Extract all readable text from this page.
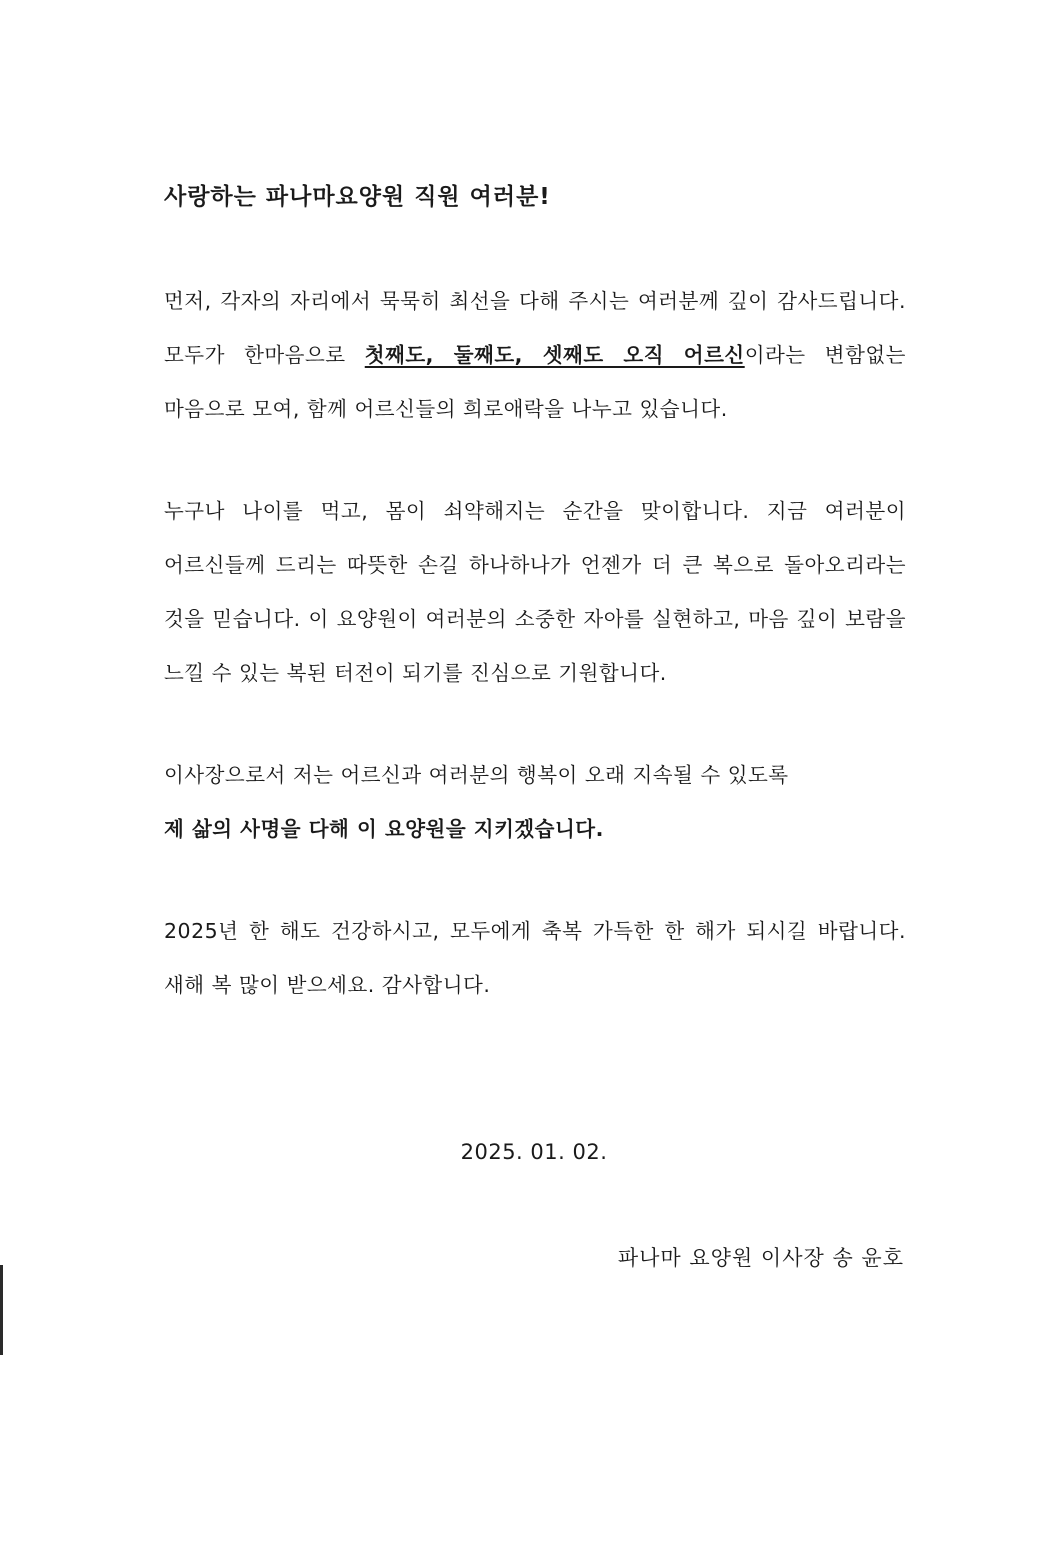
사랑하는 파나마요양원 직원 여러분!

먼저, 각자의 자리에서 묵묵히 최선을 다해 주시는 여러분께 깊이 감사드립니다. 모두가 한마음으로 첫째도, 둘째도, 셋째도 오직 어르신이라는 변함없는 마음으로 모여, 함께 어르신들의 희로애락을 나누고 있습니다.

누구나 나이를 먹고, 몸이 쇠약해지는 순간을 맞이합니다. 지금 여러분이 어르신들께 드리는 따뜻한 손길 하나하나가 언젠가 더 큰 복으로 돌아오리라는 것을 믿습니다. 이 요양원이 여러분의 소중한 자아를 실현하고, 마음 깊이 보람을 느낄 수 있는 복된 터전이 되기를 진심으로 기원합니다.

이사장으로서 저는 어르신과 여러분의 행복이 오래 지속될 수 있도록
제 삶의 사명을 다해 이 요양원을 지키겠습니다.

2025년 한 해도 건강하시고, 모두에게 축복 가득한 한 해가 되시길 바랍니다. 새해 복 많이 받으세요. 감사합니다.

2025. 01. 02.

파나마 요양원 이사장 송 윤호
